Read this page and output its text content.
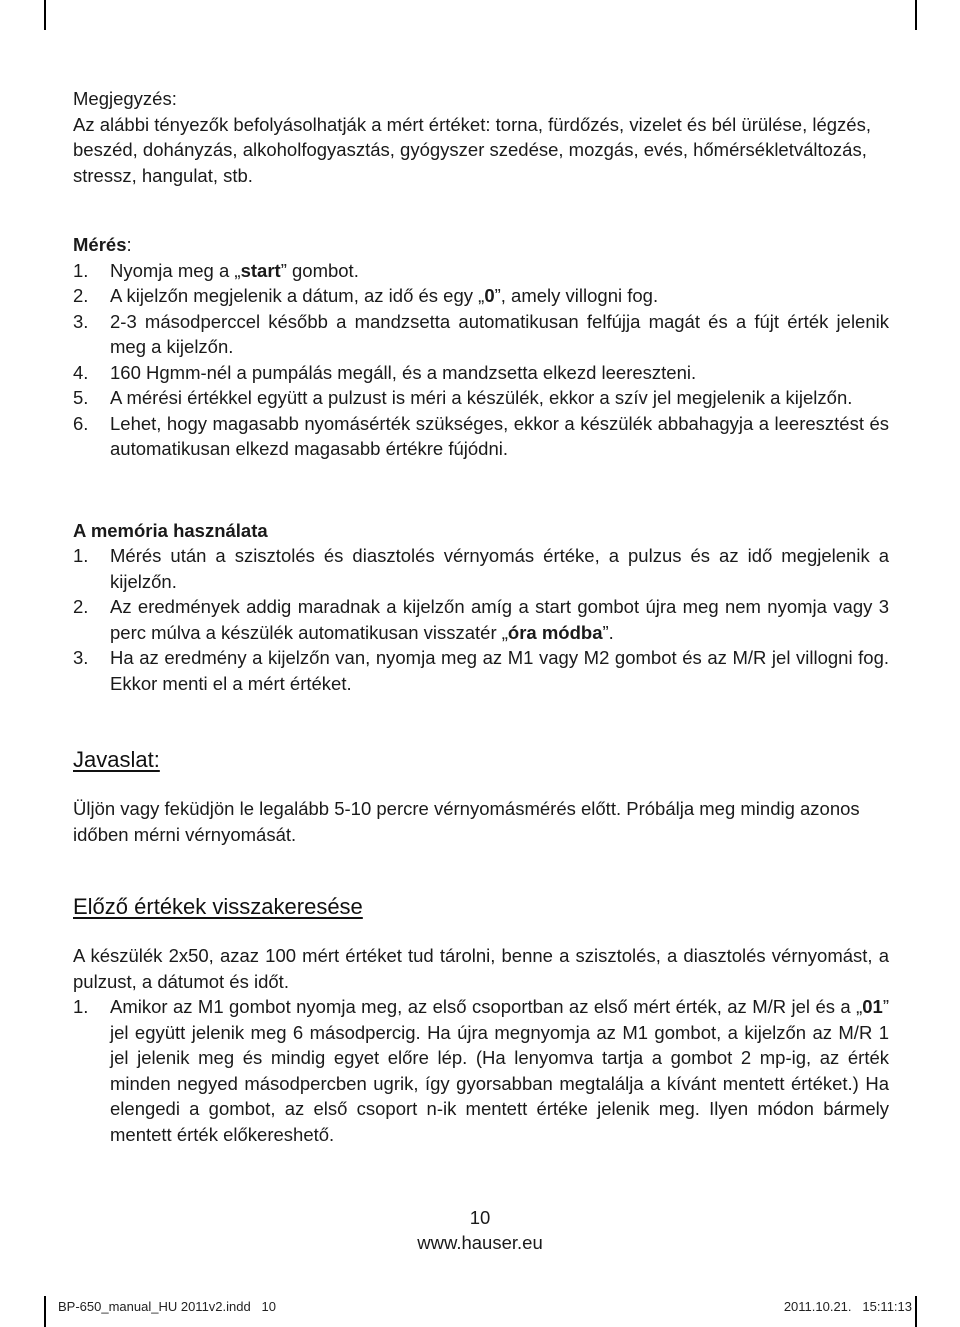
Megjegyzés:

Az alábbi tényezők befolyásolhatják a mért értéket: torna, fürdőzés, vizelet és bél ürülése, légzés, beszéd, dohányzás, alkoholfogyasztás, gyógyszer szedése, mozgás, evés, hőmérsékletváltozás, stressz, hangulat, stb.

Mérés:

1.	Nyomja meg a „start” gombot.
2.	A kijelzőn megjelenik a dátum, az idő és egy „0”, amely villogni fog.
3.	2-3 másodperccel később a mandzsetta automatikusan felfújja magát és a fújt érték jelenik meg a kijelzőn.
4.	160 Hgmm-nél a pumpálás megáll, és a mandzsetta elkezd leereszteni.
5.	A mérési értékkel együtt a pulzust is méri a készülék, ekkor a szív jel megjelenik a kijelzőn.
6.	Lehet, hogy magasabb nyomásérték szükséges, ekkor a készülék abbahagyja a leeresztést és automatikusan elkezd magasabb értékre fújódni.

A memória használata

1.	Mérés után a szisztolés és diasztolés vérnyomás értéke, a pulzus és az idő megjelenik a kijelzőn.
2.	Az eredmények addig maradnak a kijelzőn amíg a start gombot újra meg nem nyomja vagy 3 perc múlva a készülék automatikusan visszatér „óra módba”.
3.	Ha az eredmény a kijelzőn van, nyomja meg az M1 vagy M2 gombot és az M/R jel villogni fog. Ekkor menti el a mért értéket.
Javaslat:

Üljön vagy feküdjön le legalább 5-10 percre vérnyomásmérés előtt. Próbálja meg mindig azonos időben mérni vérnyomását.

Előző értékek visszakeresése

A készülék 2x50, azaz 100 mért értéket tud tárolni, benne a szisztolés, a diasztolés vérnyomást, a pulzust, a dátumot és időt.

1.	Amikor az M1 gombot nyomja meg, az első csoportban az első mért érték, az M/R jel és a „01” jel együtt jelenik meg 6 másodpercig. Ha újra megnyomja az M1 gombot, a kijelzőn az M/R 1 jel jelenik meg és mindig egyet előre lép. (Ha lenyomva tartja a gombot 2 mp-ig, az érték minden negyed másodpercben ugrik, így gyorsabban megtalálja a kívánt mentett értéket.) Ha elengedi a gombot, az első csoport n-ik mentett értéke jelenik meg. Ilyen módon bármely mentett érték előkereshető.
10
www.hauser.eu
BP-650_manual_HU 2011v2.indd   10	2011.10.21.   15:11:13
